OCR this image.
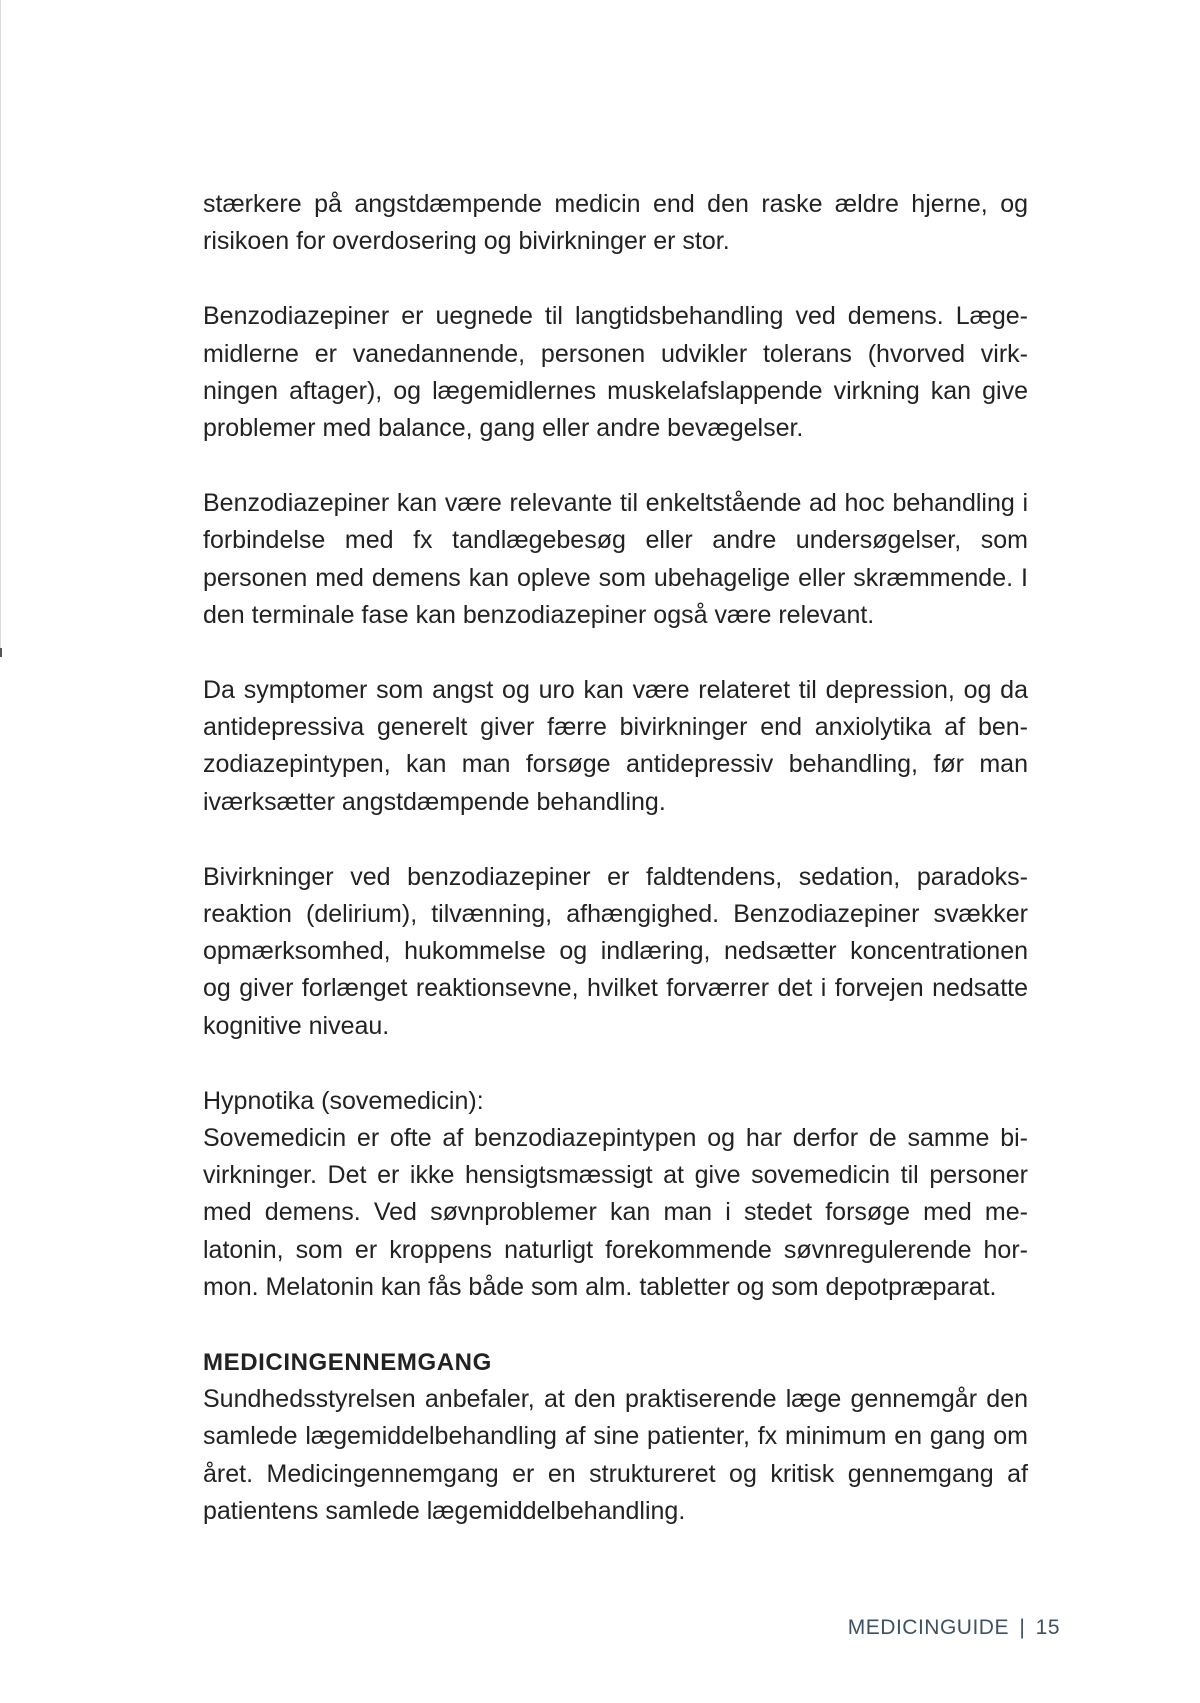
stærkere på angstdæmpende medicin end den raske ældre hjerne, og risikoen for overdosering og bivirkninger er stor.

Benzodiazepiner er uegnede til langtidsbehandling ved demens. Lægemidlerne er vanedannende, personen udvikler tolerans (hvorved virkningen aftager), og lægemidlernes muskelafslappende virkning kan give problemer med balance, gang eller andre bevægelser.

Benzodiazepiner kan være relevante til enkeltstående ad hoc behandling i forbindelse med fx tandlægebesøg eller andre undersøgelser, som personen med demens kan opleve som ubehagelige eller skræmmende. I den terminale fase kan benzodiazepiner også være relevant.

Da symptomer som angst og uro kan være relateret til depression, og da antidepressiva generelt giver færre bivirkninger end anxiolytika af benzodiazepintypen, kan man forsøge antidepressiv behandling, før man iværksætter angstdæmpende behandling.

Bivirkninger ved benzodiazepiner er faldtendens, sedation, paradoksreaktion (delirium), tilvænning, afhængighed. Benzodiazepiner svækker opmærksomhed, hukommelse og indlæring, nedsætter koncentrationen og giver forlænget reaktionsevne, hvilket forværrer det i forvejen nedsatte kognitive niveau.

Hypnotika (sovemedicin):

Sovemedicin er ofte af benzodiazepintypen og har derfor de samme bivirkninger. Det er ikke hensigtsmæssigt at give sovemedicin til personer med demens. Ved søvnproblemer kan man i stedet forsøge med melatonin, som er kroppens naturligt forekommende søvnregulerende hormon. Melatonin kan fås både som alm. tabletter og som depotpræparat.

MEDICINGENNEMGANG

Sundhedsstyrelsen anbefaler, at den praktiserende læge gennemgår den samlede lægemiddelbehandling af sine patienter, fx minimum en gang om året. Medicingennemgang er en struktureret og kritisk gennemgang af patientens samlede lægemiddelbehandling.

MEDICINGUIDE | 15
